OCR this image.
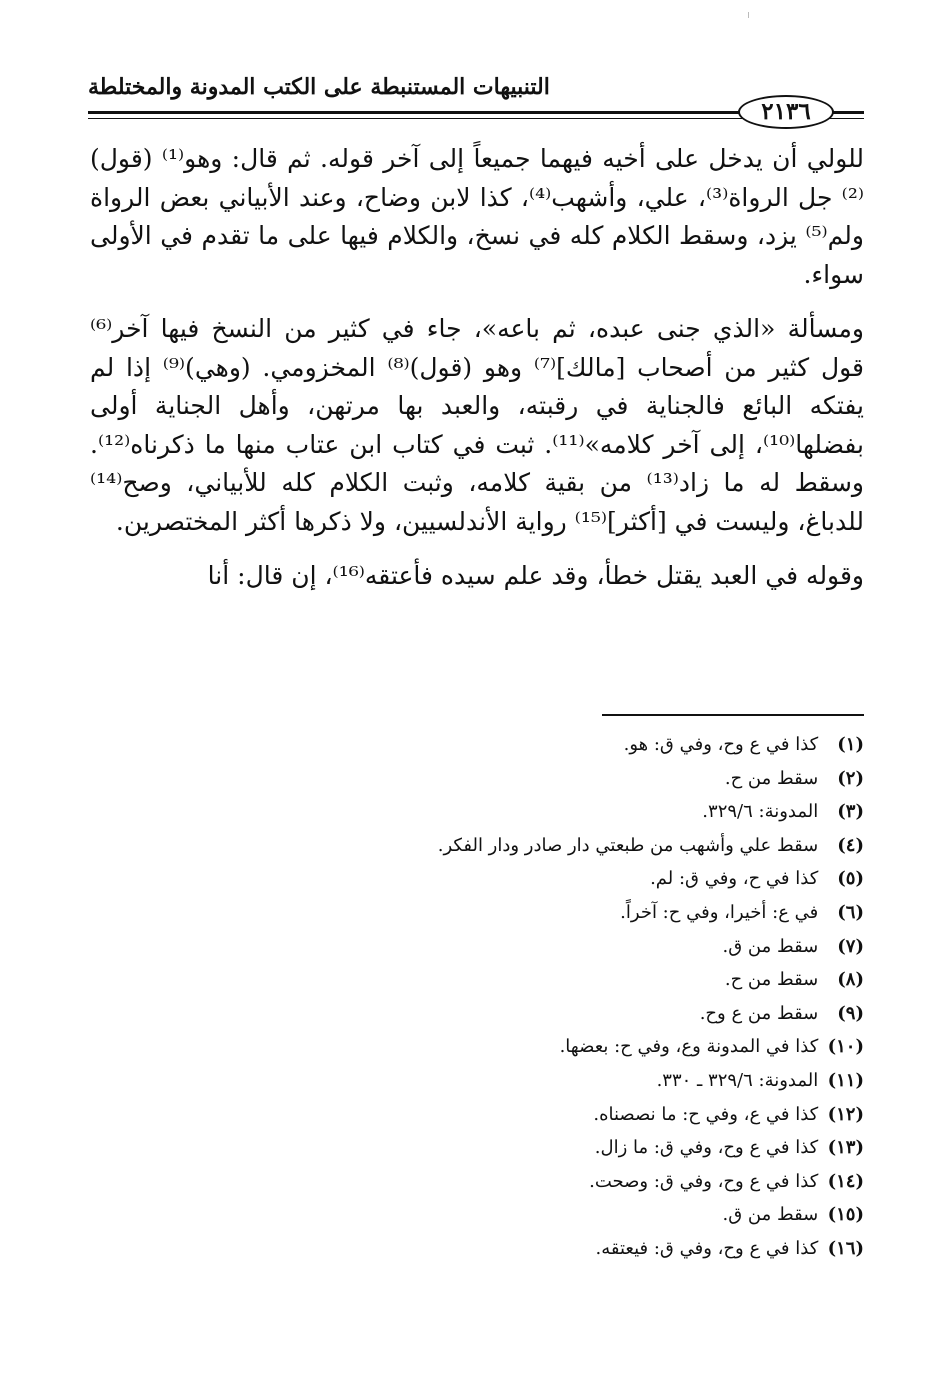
التنبيهات المستنبطة على الكتب المدونة والمختلطة
٢١٣٦

للولي أن يدخل على أخيه فيهما جميعاً إلى آخر قوله. ثم قال: وهو⁽¹⁾ (قول)⁽²⁾ جل الرواة⁽³⁾، علي، وأشهب⁽⁴⁾، كذا لابن وضاح، وعند الأبياني بعض الرواة ولم⁽⁵⁾ يزد، وسقط الكلام كله في نسخ، والكلام فيها على ما تقدم في الأولى سواء.

ومسألة «الذي جنى عبده، ثم باعه»، جاء في كثير من النسخ فيها آخر⁽⁶⁾ قول كثير من أصحاب [مالك]⁽⁷⁾ وهو (قول)⁽⁸⁾ المخزومي. (وهي)⁽⁹⁾ إذا لم يفتكه البائع فالجناية في رقبته، والعبد بها مرتهن، وأهل الجناية أولى بفضلها⁽¹⁰⁾، إلى آخر كلامه»⁽¹¹⁾. ثبت في كتاب ابن عتاب منها ما ذكرناه⁽¹²⁾. وسقط له ما زاد⁽¹³⁾ من بقية كلامه، وثبت الكلام كله للأبياني، وصح⁽¹⁴⁾ للدباغ، وليست في [أكثر]⁽¹⁵⁾ رواية الأندلسيين، ولا ذكرها أكثر المختصرين.

وقوله في العبد يقتل خطأ، وقد علم سيده فأعتقه⁽¹⁶⁾، إن قال: أنا

(١) كذا في ع وح، وفي ق: هو.
(٢) سقط من ح.
(٣) المدونة: ٣٢٩/٦.
(٤) سقط علي وأشهب من طبعتي دار صادر ودار الفكر.
(٥) كذا في ح، وفي ق: لم.
(٦) في ع: أخيرا، وفي ح: آخراً.
(٧) سقط من ق.
(٨) سقط من ح.
(٩) سقط من ع وح.
(١٠) كذا في المدونة وع، وفي ح: بعضها.
(١١) المدونة: ٣٢٩/٦ ـ ٣٣٠.
(١٢) كذا في ع، وفي ح: ما نصصناه.
(١٣) كذا في ع وح، وفي ق: ما زال.
(١٤) كذا في ع وح، وفي ق: وصحت.
(١٥) سقط من ق.
(١٦) كذا في ع وح، وفي ق: فيعتقه.
